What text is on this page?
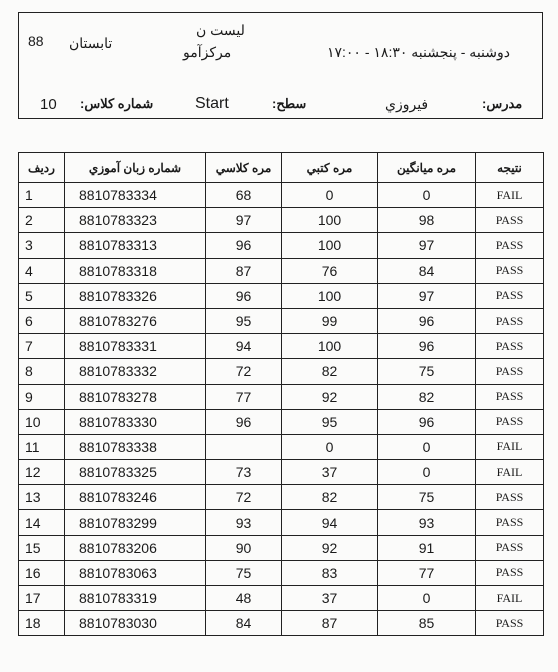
88 تابستان
ليست ن
مركزآمو	دوشنبه - پنجشنبه ۱۸:۳۰ - ۱۷:۰۰
10 شماره كلاس:	Start	سطح:	فيروزي	مدرس:
رديف	شماره زبان آموزي	مره كلاسي	مره كتبي	مره ميانگين	نتيجه
1	8810783334	68	0	0	FAIL
2	8810783323	97	100	98	PASS
3	8810783313	96	100	97	PASS
4	8810783318	87	76	84	PASS
5	8810783326	96	100	97	PASS
6	8810783276	95	99	96	PASS
7	8810783331	94	100	96	PASS
8	8810783332	72	82	75	PASS
9	8810783278	77	92	82	PASS
10	8810783330	96	95	96	PASS
11	8810783338		0	0	FAIL
12	8810783325	73	37	0	FAIL
13	8810783246	72	82	75	PASS
14	8810783299	93	94	93	PASS
15	8810783206	90	92	91	PASS
16	8810783063	75	83	77	PASS
17	8810783319	48	37	0	FAIL
18	8810783030	84	87	85	PASS
